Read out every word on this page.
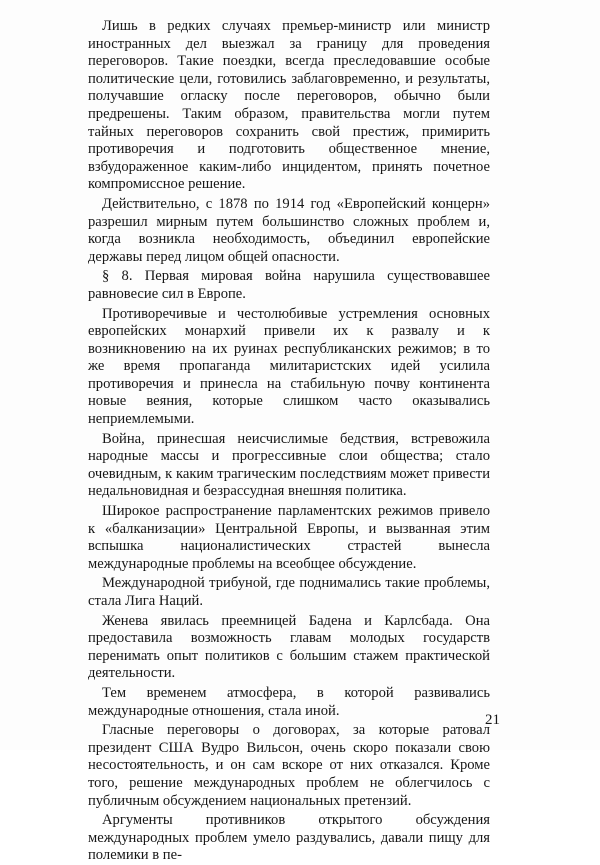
Лишь в редких случаях премьер-министр или министр иностранных дел выезжал за границу для проведения переговоров. Такие поездки, всегда преследовавшие особые политические цели, готовились заблаговременно, и результаты, получавшие огласку после переговоров, обычно были предрешены. Таким образом, правительства могли путем тайных переговоров сохранить свой престиж, примирить противоречия и подготовить общественное мнение, взбудораженное каким-либо инцидентом, принять почетное компромиссное решение.

Действительно, с 1878 по 1914 год «Европейский концерн» разрешил мирным путем большинство сложных проблем и, когда возникла необходимость, объединил европейские державы перед лицом общей опасности.

§ 8. Первая мировая война нарушила существовавшее равновесие сил в Европе.

Противоречивые и честолюбивые устремления основных европейских монархий привели их к развалу и к возникновению на их руинах республиканских режимов; в то же время пропаганда милитаристских идей усилила противоречия и принесла на стабильную почву континента новые веяния, которые слишком часто оказывались неприемлемыми.

Война, принесшая неисчислимые бедствия, встревожила народные массы и прогрессивные слои общества; стало очевидным, к каким трагическим последствиям может привести недальновидная и безрассудная внешняя политика.

Широкое распространение парламентских режимов привело к «балканизации» Центральной Европы, и вызванная этим вспышка националистических страстей вынесла международные проблемы на всеобщее обсуждение.

Международной трибуной, где поднимались такие проблемы, стала Лига Наций.

Женева явилась преемницей Бадена и Карлсбада. Она предоставила возможность главам молодых государств перенимать опыт политиков с большим стажем практической деятельности.

Тем временем атмосфера, в которой развивались международные отношения, стала иной.

Гласные переговоры о договорах, за которые ратовал президент США Вудро Вильсон, очень скоро показали свою несостоятельность, и он сам вскоре от них отказался. Кроме того, решение международных проблем не облегчилось с публичным обсуждением национальных претензий.

Аргументы противников открытого обсуждения международных проблем умело раздувались, давали пищу для полемики в пе-

21
